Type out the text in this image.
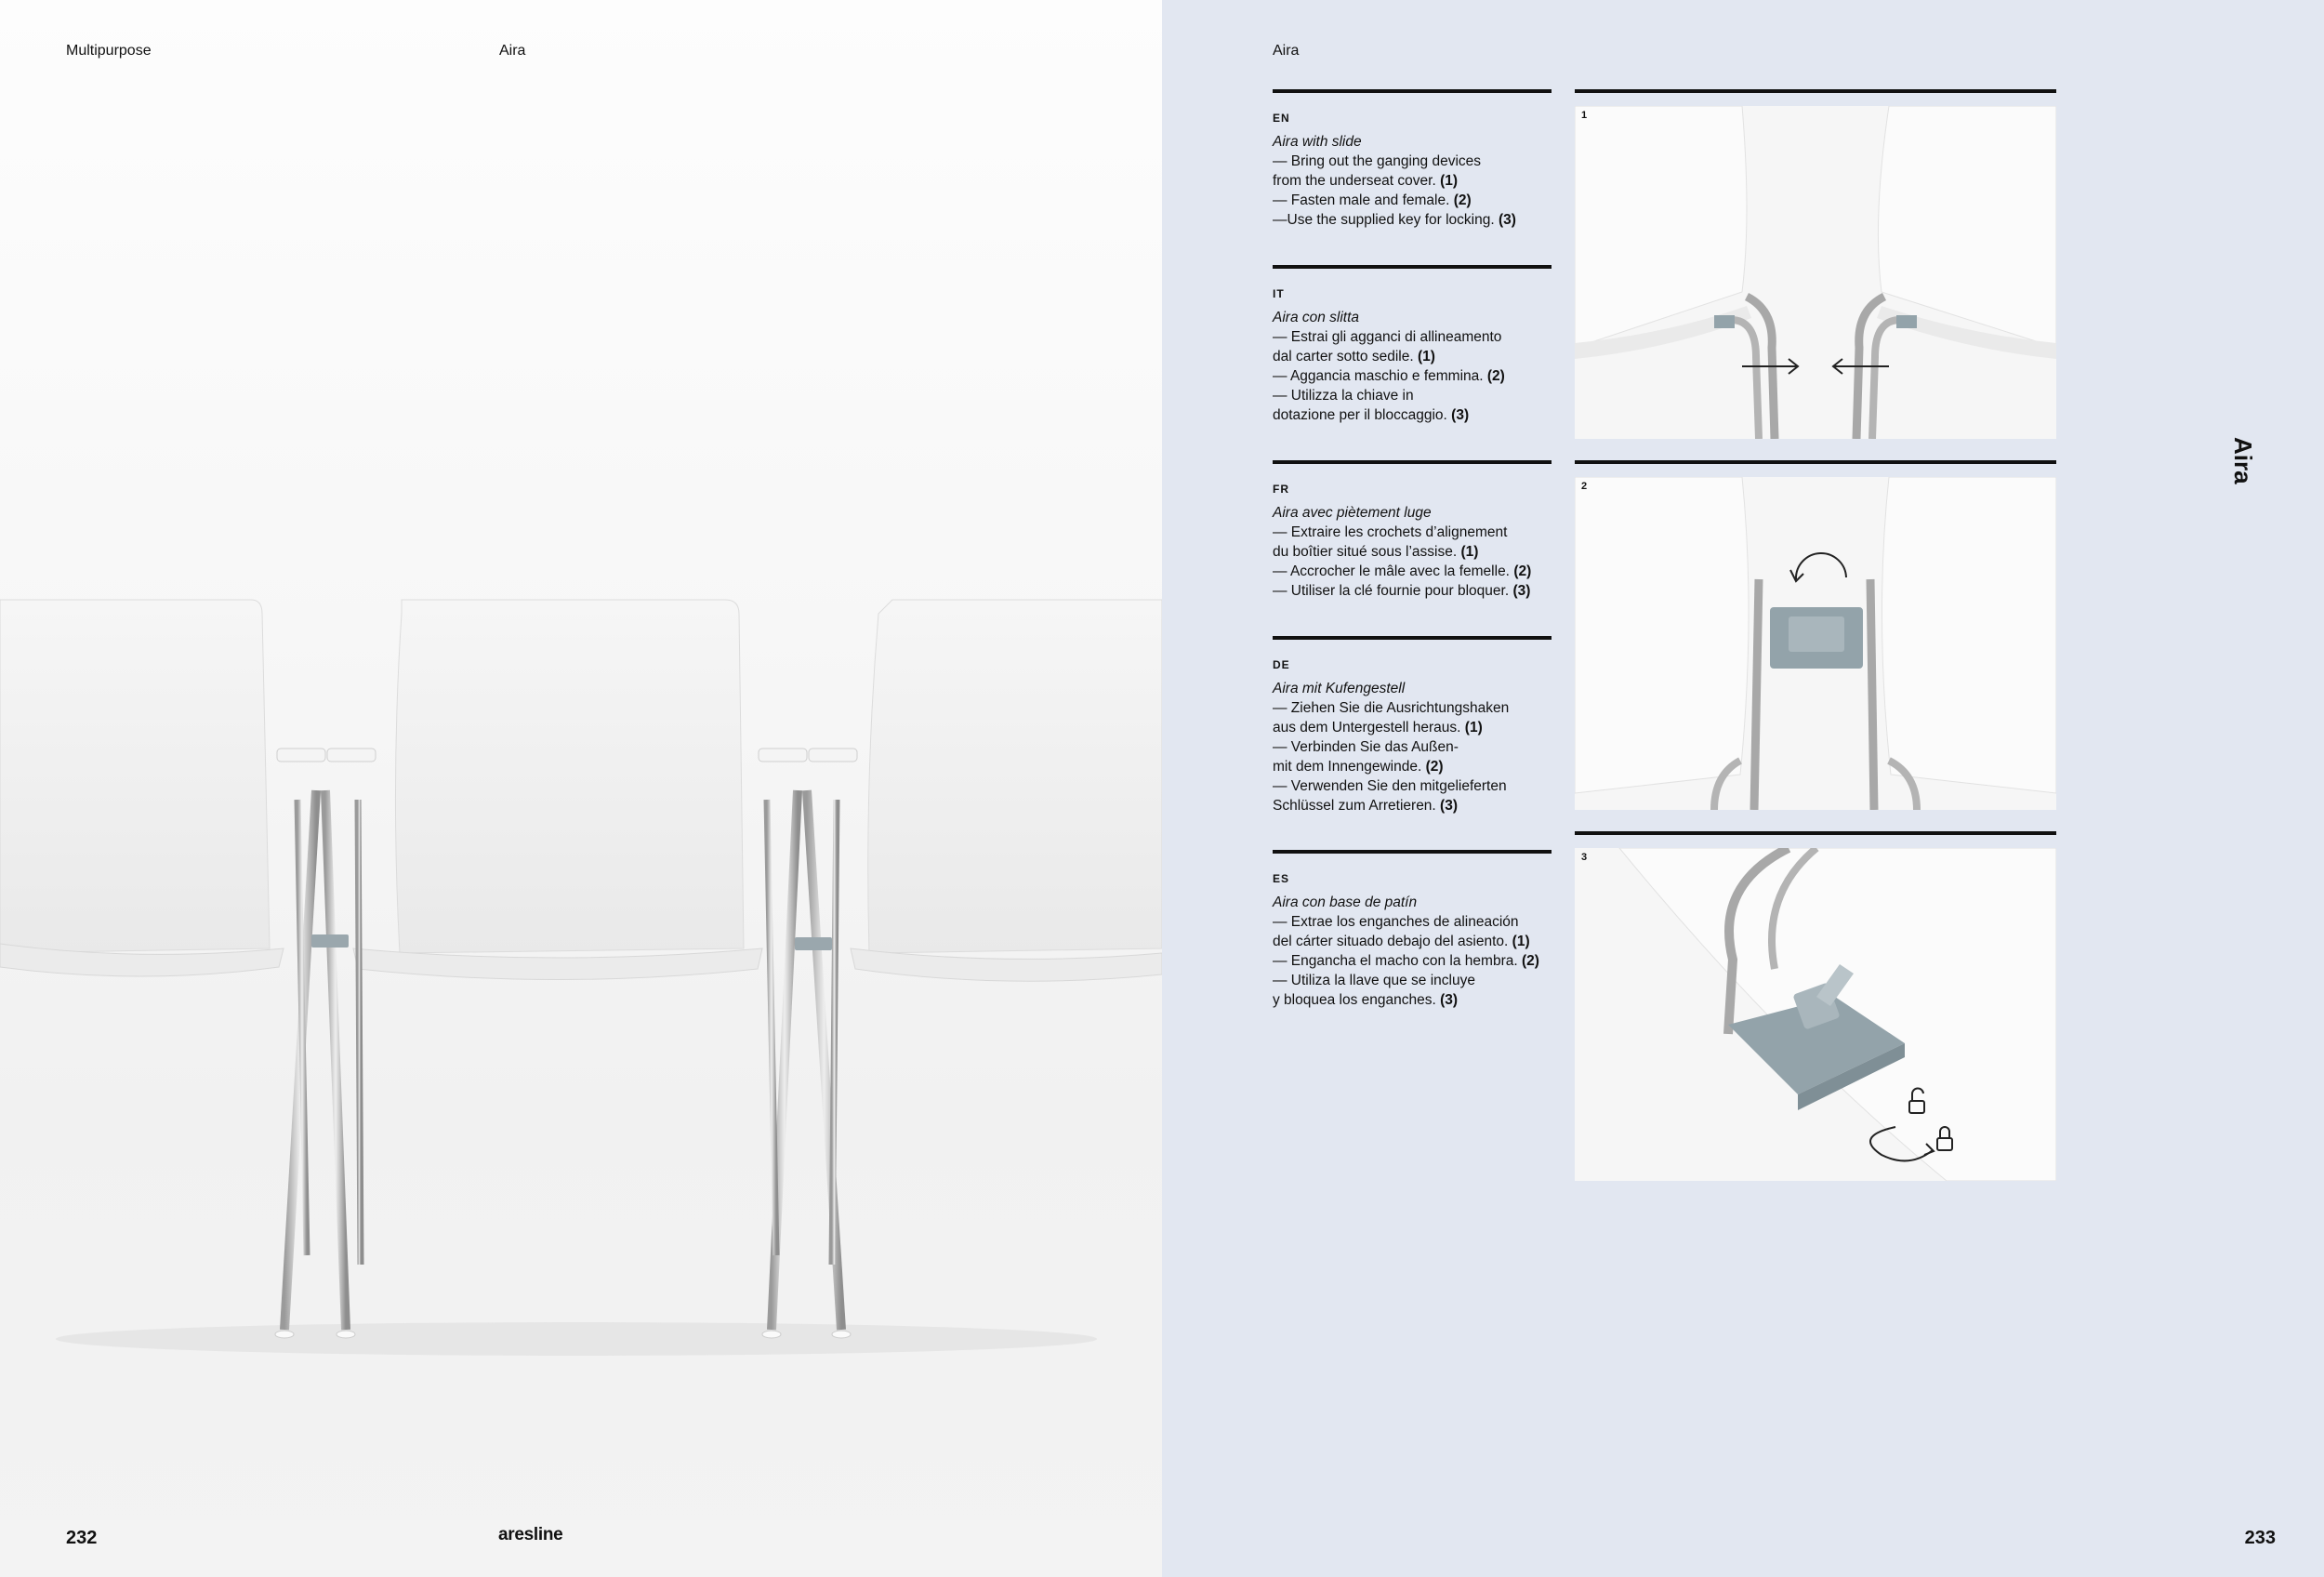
Multipurpose	Aira
232	aresline
Aira
Aira
EN
Aira with slide
— Bring out the ganging devices
from the underseat cover. (1)
— Fasten male and female. (2)
—Use the supplied key for locking. (3)
IT
Aira con slitta
— Estrai gli agganci di allineamento
dal carter sotto sedile. (1)
— Aggancia maschio e femmina. (2)
— Utilizza la chiave in
dotazione per il bloccaggio. (3)
FR
Aira avec piètement luge
— Extraire les crochets d’alignement
du boîtier situé sous l’assise. (1)
— Accrocher le mâle avec la femelle. (2)
— Utiliser la clé fournie pour bloquer. (3)
DE
Aira mit Kufengestell
— Ziehen Sie die Ausrichtungshaken
aus dem Untergestell heraus. (1)
— Verbinden Sie das Außen-
mit dem Innengewinde. (2)
— Verwenden Sie den mitgelieferten
Schlüssel zum Arretieren. (3)
ES
Aira con base de patín
— Extrae los enganches de alineación
del cárter situado debajo del asiento. (1)
— Engancha el macho con la hembra. (2)
— Utiliza la llave que se incluye
y bloquea los enganches. (3)
1
2
3
233
